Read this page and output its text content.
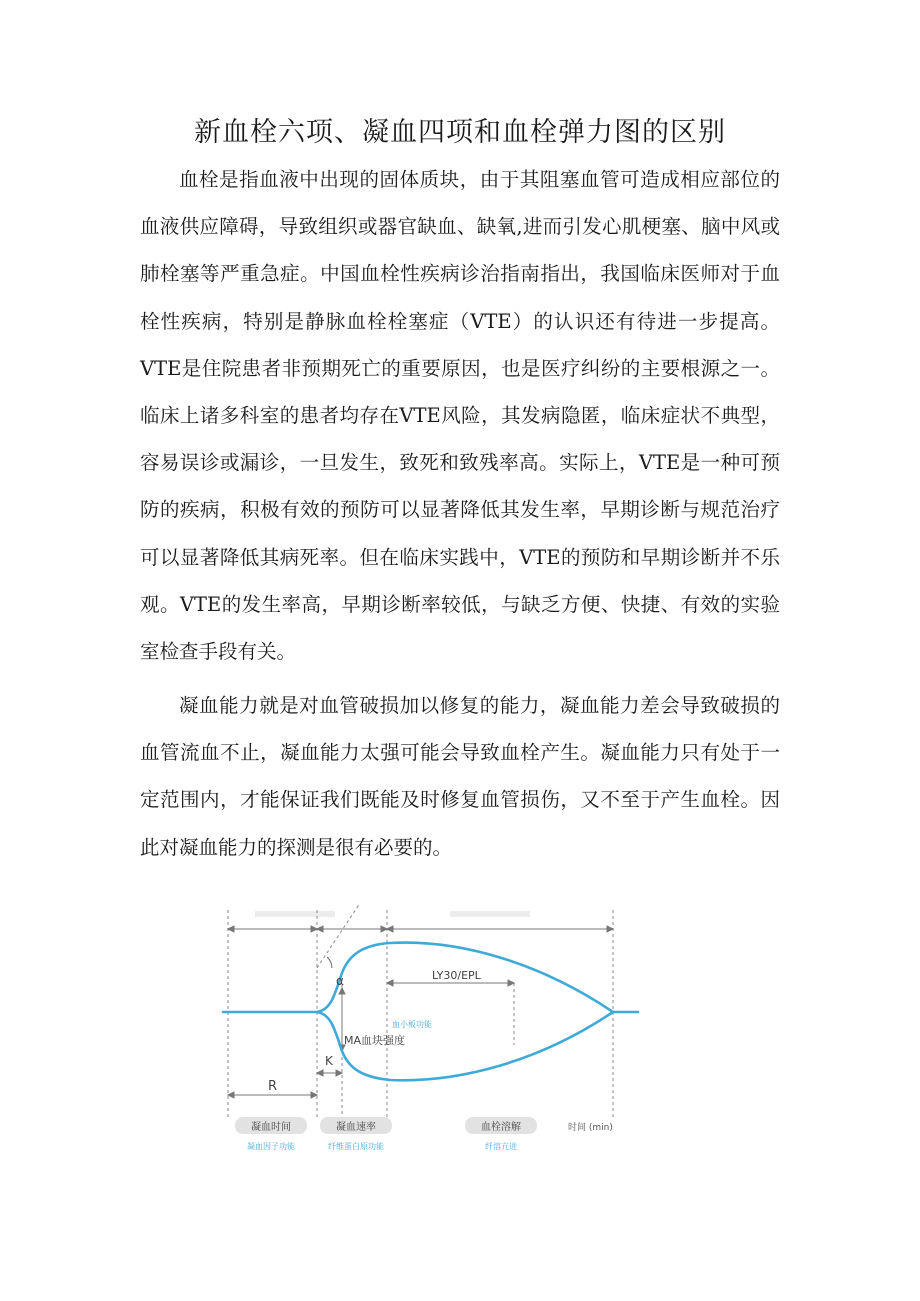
新血栓六项、凝血四项和血栓弹力图的区别

血栓是指血液中出现的固体质块，由于其阻塞血管可造成相应部位的血液供应障碍，导致组织或器官缺血、缺氧,进而引发心肌梗塞、脑中风或肺栓塞等严重急症。中国血栓性疾病诊治指南指出，我国临床医师对于血栓性疾病，特别是静脉血栓栓塞症（VTE）的认识还有待进一步提高。VTE是住院患者非预期死亡的重要原因，也是医疗纠纷的主要根源之一。临床上诸多科室的患者均存在VTE风险，其发病隐匿，临床症状不典型，容易误诊或漏诊，一旦发生，致死和致残率高。实际上，VTE是一种可预防的疾病，积极有效的预防可以显著降低其发生率，早期诊断与规范治疗可以显著降低其病死率。但在临床实践中，VTE的预防和早期诊断并不乐观。VTE的发生率高，早期诊断率较低，与缺乏方便、快捷、有效的实验室检查手段有关。

凝血能力就是对血管破损加以修复的能力，凝血能力差会导致破损的血管流血不止，凝血能力太强可能会导致血栓产生。凝血能力只有处于一定范围内，才能保证我们既能及时修复血管损伤，又不至于产生血栓。因此对凝血能力的探测是很有必要的。

α	LY30/EPL
血小板功能
MA血块强度
K
R
凝血时间
凝血因子功能
凝血速率
纤维蛋白原功能
血栓溶解
纤溶亢进
时间 (min)
